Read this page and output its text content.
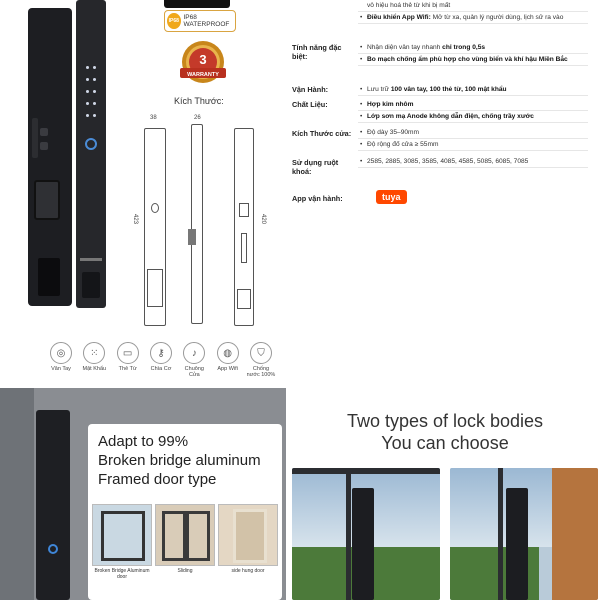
IP68 IP68 WATERPROOF
3
WARRANTY
Kích Thước:
38	26
423	420
◎
Vân Tay
⁙
Mật Khẩu
▭
Thẻ Từ
⚷
Chìa Cơ
♪
Chuông Cửa
◍
App Wifi
⛉
Chống nước 100%
vô hiệu hoá thẻ từ khi bị mất
• Điều khiển App Wifi: Mở từ xa, quản lý người dùng, lịch sử ra vào
Tính năng đặc biệt:
• Nhận diện vân tay nhanh chỉ trong 0,5s
• Bo mạch chống ẩm phù hợp cho vùng biển và khí hậu Miền Bắc
Vận Hành:	• Lưu trữ 100 vân tay, 100 thẻ từ, 100 mật khẩu
Chất Liệu:	• Hợp kim nhôm
• Lớp sơn mạ Anode không dẫn điện, chống trầy xước
Kích Thước cửa:	• Độ dày 35–90mm
• Độ rộng đố cửa ≥ 55mm
Sử dụng ruột khoá:
• 2585, 2885, 3085, 3585, 4085, 4585, 5085, 6085, 7085
App vận hành:	tuya
Adapt to 99%
Broken bridge aluminum
Framed door type
Broken Bridge Aluminum door
Sliding	side hung door
Two types of lock bodies
You can choose
